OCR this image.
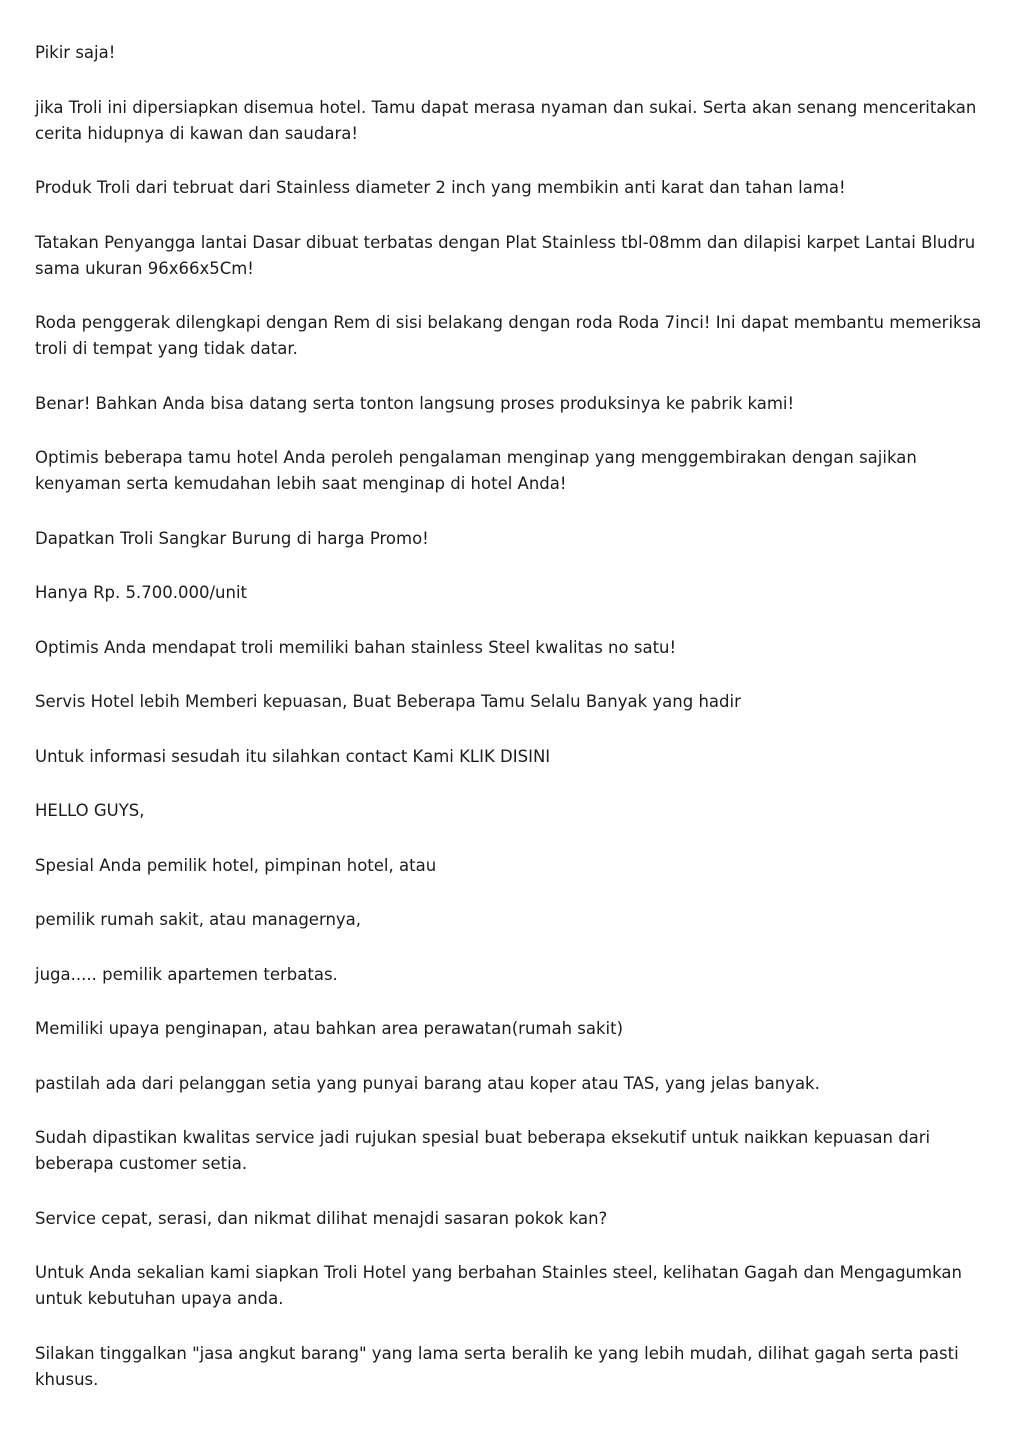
Pikir saja!

jika Troli ini dipersiapkan disemua hotel. Tamu dapat merasa nyaman dan sukai. Serta akan senang menceritakan cerita hidupnya di kawan dan saudara!

Produk Troli dari tebruat dari Stainless diameter 2 inch yang membikin anti karat dan tahan lama!

Tatakan Penyangga lantai Dasar dibuat terbatas dengan Plat Stainless tbl-08mm dan dilapisi karpet Lantai Bludru sama ukuran 96x66x5Cm!

Roda penggerak dilengkapi dengan Rem di sisi belakang dengan roda Roda 7inci! Ini dapat membantu memeriksa troli di tempat yang tidak datar.

Benar! Bahkan Anda bisa datang serta tonton langsung proses produksinya ke pabrik kami!

Optimis beberapa tamu hotel Anda peroleh pengalaman menginap yang menggembirakan dengan sajikan kenyaman serta kemudahan lebih saat menginap di hotel Anda!

Dapatkan Troli Sangkar Burung di harga Promo!

Hanya Rp. 5.700.000/unit

Optimis Anda mendapat troli memiliki bahan stainless Steel kwalitas no satu!

Servis Hotel lebih Memberi kepuasan, Buat Beberapa Tamu Selalu Banyak yang hadir

Untuk informasi sesudah itu silahkan contact Kami KLIK DISINI

HELLO GUYS,

Spesial Anda pemilik hotel, pimpinan hotel, atau

pemilik rumah sakit, atau managernya,

juga..... pemilik apartemen terbatas.

Memiliki upaya penginapan, atau bahkan area perawatan(rumah sakit)

pastilah ada dari pelanggan setia yang punyai barang atau koper atau TAS, yang jelas banyak.

Sudah dipastikan kwalitas service jadi rujukan spesial buat beberapa eksekutif untuk naikkan kepuasan dari beberapa customer setia.

Service cepat, serasi, dan nikmat dilihat menajdi sasaran pokok kan?

Untuk Anda sekalian kami siapkan Troli Hotel yang berbahan Stainles steel, kelihatan Gagah dan Mengagumkan untuk kebutuhan upaya anda.

Silakan tinggalkan "jasa angkut barang" yang lama serta beralih ke yang lebih mudah, dilihat gagah serta pasti khusus.
